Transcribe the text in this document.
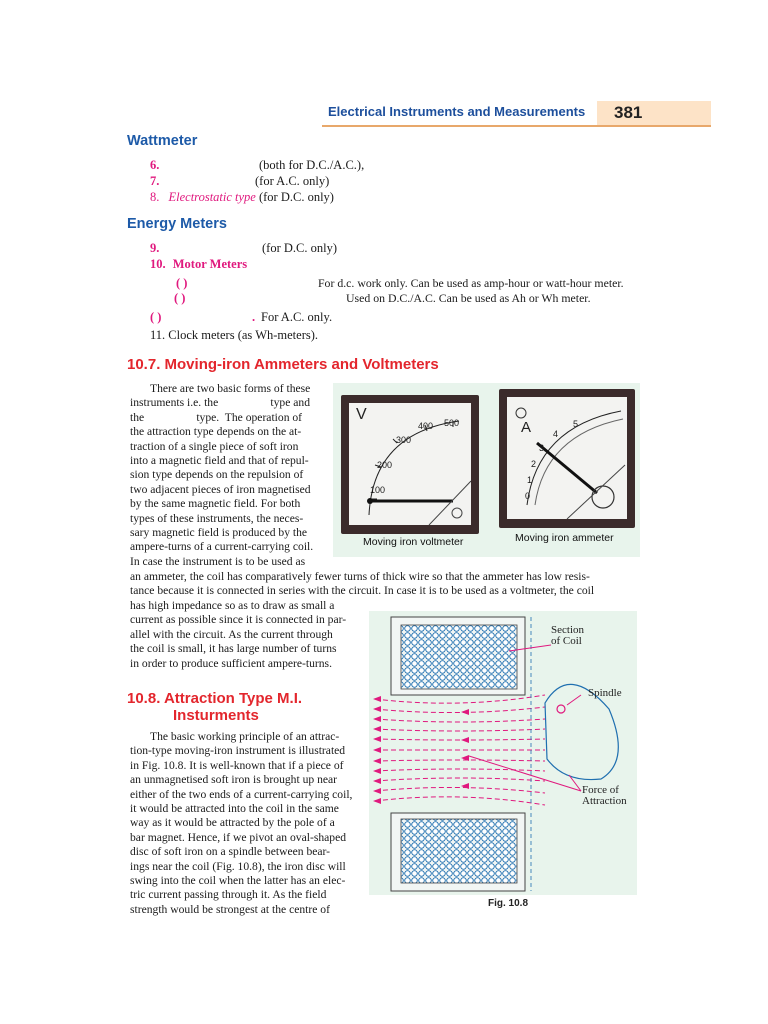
Electrical Instruments and Measurements 381
Wattmeter
6.	(both for D.C./A.C.),
7.	(for A.C. only)
8. Electrostatic type (for D.C. only)
Energy Meters
9.	(for D.C. only)
10. Motor Meters
( )	For d.c. work only. Can be used as amp-hour or watt-hour meter.
( )	Used on D.C./A.C. Can be used as Ah or Wh meter.
( )	. For A.C. only.
11. Clock meters (as Wh-meters).
10.7. Moving-iron Ammeters and Voltmeters
There are two basic forms of these
instruments i.e. the                  type and
the                  type.  The operation of
the attraction type depends on the at-
traction of a single piece of soft iron
into a magnetic field and that of repul-
sion type depends on the repulsion of
two adjacent pieces of iron magnetised
by the same magnetic field. For both
types of these instruments, the neces-
sary magnetic field is produced by the
ampere-turns of a current-carrying coil.
In case the instrument is to be used as
an ammeter, the coil has comparatively fewer turns of thick wire so that the ammeter has low resis-
tance because it is connected in series with the circuit. In case it is to be used as a voltmeter, the coil
has high impedance so as to draw as small a
current as possible since it is connected in par-
allel with the circuit. As the current through
the coil is small, it has large number of turns
in order to produce sufficient ampere-turns.
V
100
200
300
400 500
Moving iron voltmeter
A
0
1
2
3
4
5
Moving iron ammeter
10.8. Attraction Type M.I.
Insturments
The basic working principle of an attrac-
tion-type moving-iron instrument is illustrated
in Fig. 10.8. It is well-known that if a piece of
an unmagnetised soft iron is brought up near
either of the two ends of a current-carrying coil,
it would be attracted into the coil in the same
way as it would be attracted by the pole of a
bar magnet. Hence, if we pivot an oval-shaped
disc of soft iron on a spindle between bear-
ings near the coil (Fig. 10.8), the iron disc will
swing into the coil when the latter has an elec-
tric current passing through it. As the field
strength would be strongest at the centre of
Section
of Coil
Spindle
Force of
Attraction
Fig. 10.8
